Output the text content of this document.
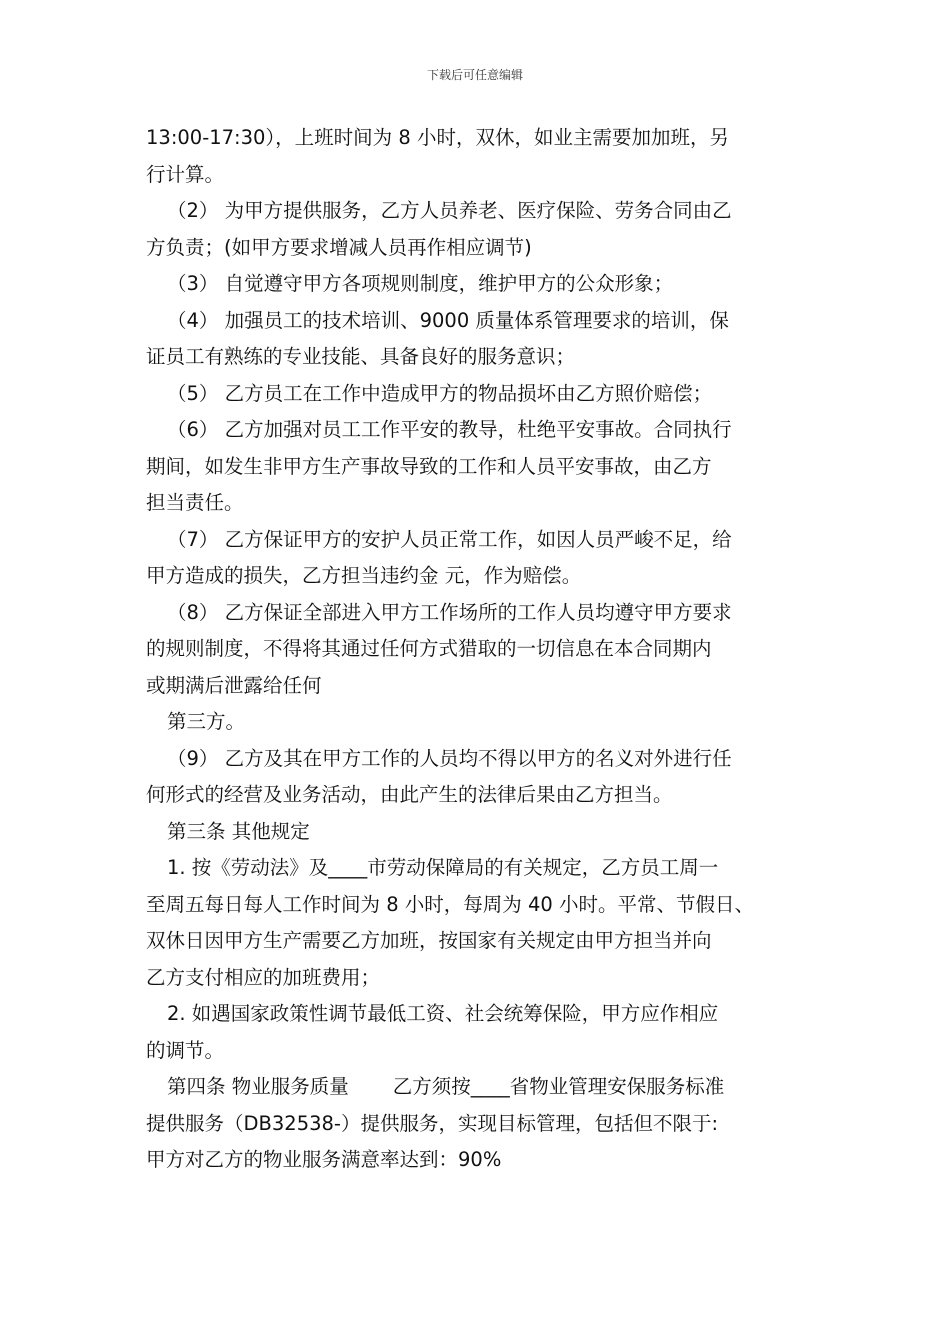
下载后可任意编辑
13:00-17:30），上班时间为 8 小时，双休，如业主需要加加班，另
行计算。
（2） 为甲方提供服务，乙方人员养老、医疗保险、劳务合同由乙
方负责；(如甲方要求增减人员再作相应调节)
（3） 自觉遵守甲方各项规则制度，维护甲方的公众形象；
（4） 加强员工的技术培训、9000 质量体系管理要求的培训，保
证员工有熟练的专业技能、具备良好的服务意识；
（5） 乙方员工在工作中造成甲方的物品损坏由乙方照价赔偿；
（6） 乙方加强对员工工作平安的教导，杜绝平安事故。合同执行
期间，如发生非甲方生产事故导致的工作和人员平安事故，由乙方
担当责任。
（7） 乙方保证甲方的安护人员正常工作，如因人员严峻不足，给
甲方造成的损失，乙方担当违约金 元，作为赔偿。
（8） 乙方保证全部进入甲方工作场所的工作人员均遵守甲方要求
的规则制度，不得将其通过任何方式猎取的一切信息在本合同期内
或期满后泄露给任何
第三方。
（9） 乙方及其在甲方工作的人员均不得以甲方的名义对外进行任
何形式的经营及业务活动，由此产生的法律后果由乙方担当。
第三条 其他规定
1. 按《劳动法》及____市劳动保障局的有关规定，乙方员工周一
至周五每日每人工作时间为 8 小时，每周为 40 小时。平常、节假日、
双休日因甲方生产需要乙方加班，按国家有关规定由甲方担当并向
乙方支付相应的加班费用；
2. 如遇国家政策性调节最低工资、社会统筹保险，甲方应作相应
的调节。
第四条 物业服务质量 乙方须按____省物业管理安保服务标准
提供服务（DB32538-）提供服务，实现目标管理，包括但不限于:
甲方对乙方的物业服务满意率达到：90%
